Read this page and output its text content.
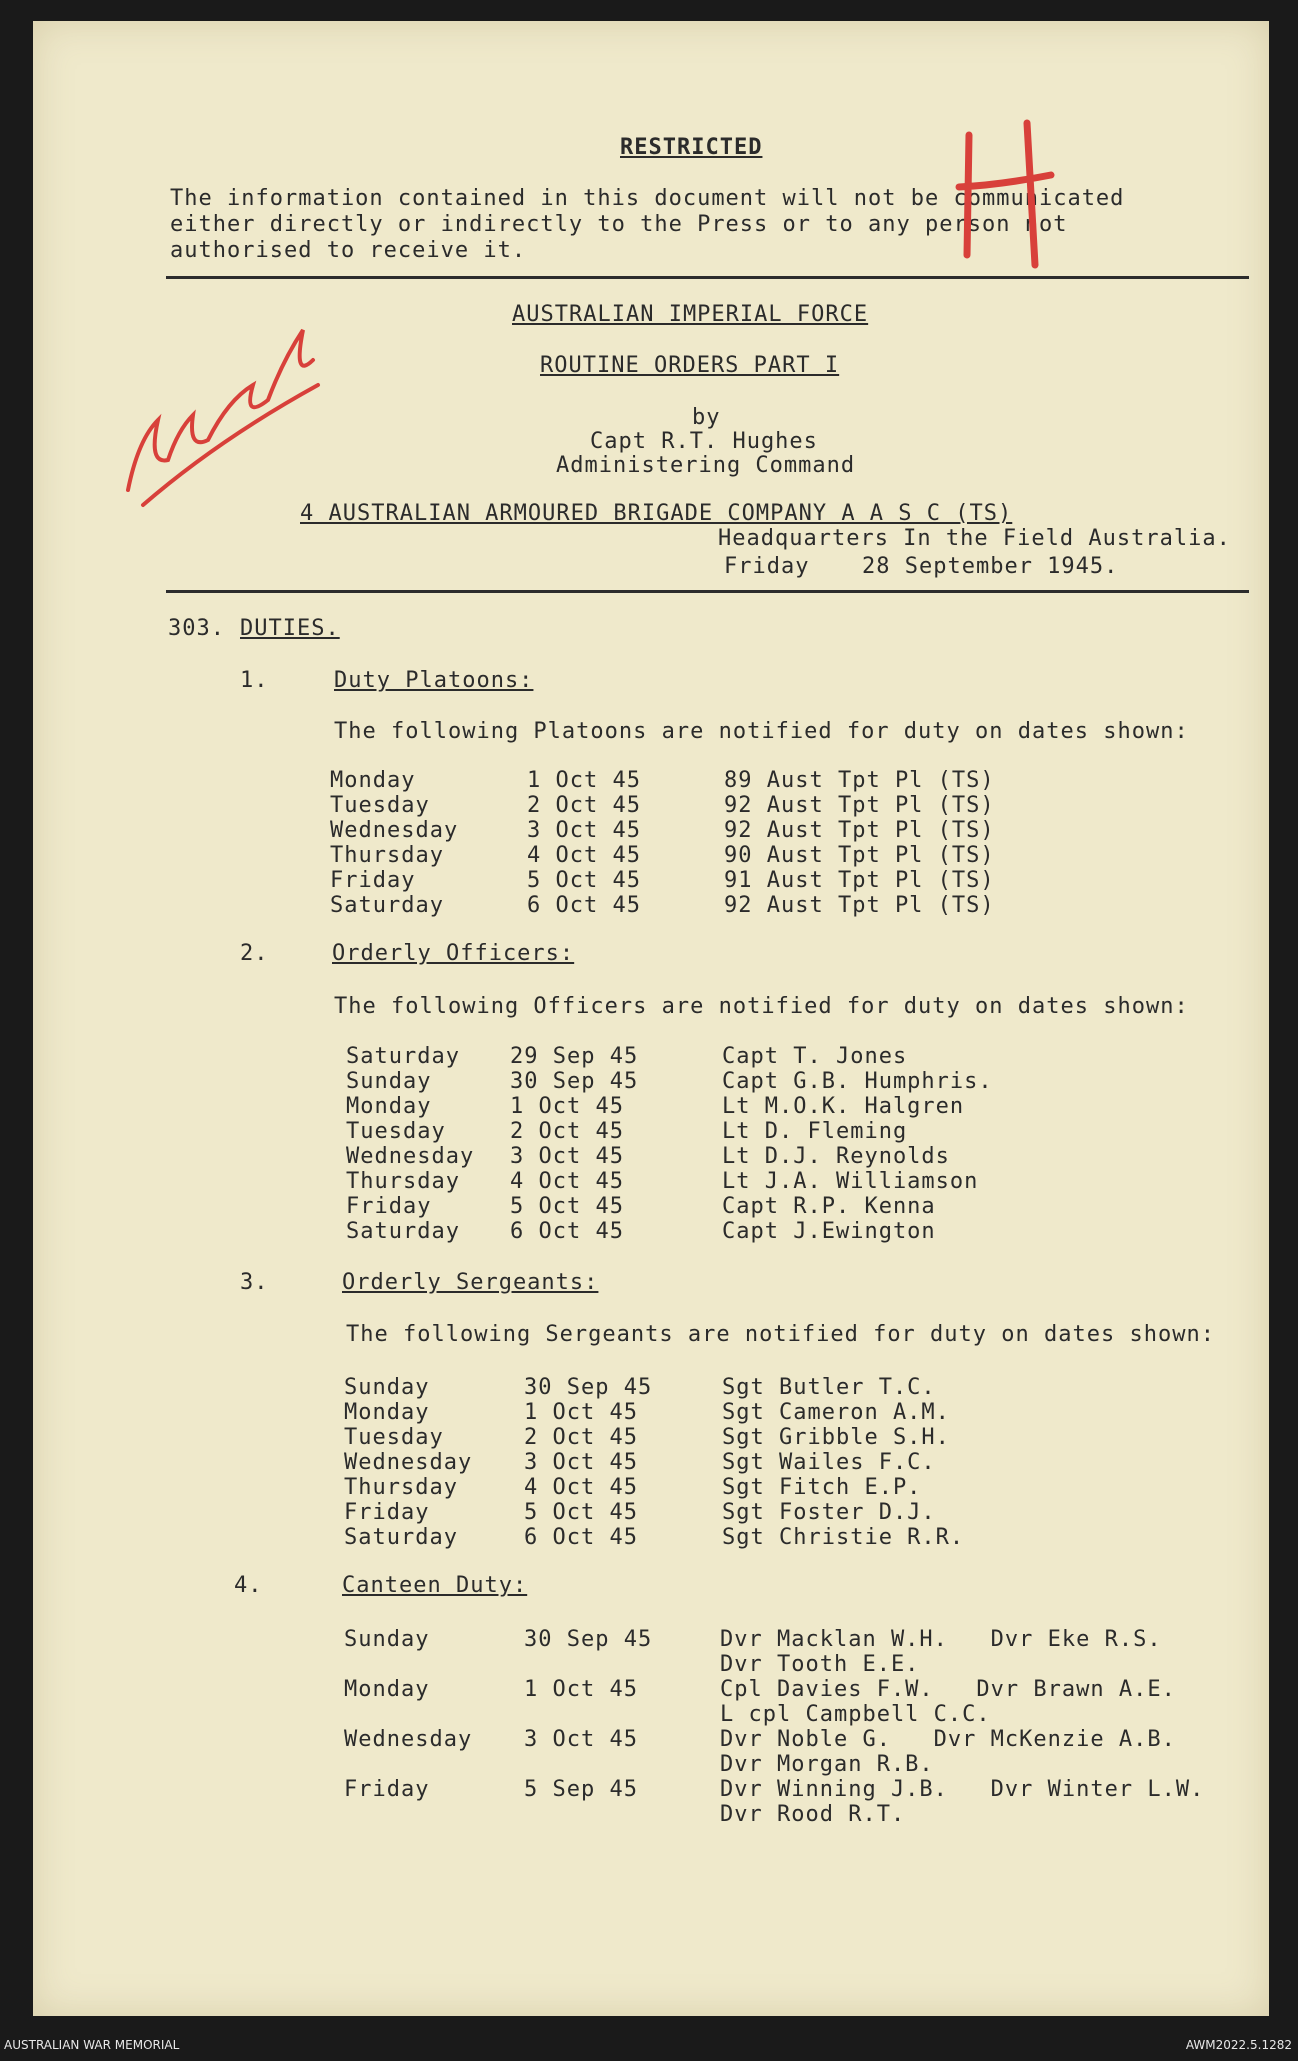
RESTRICTED
The information contained in this document will not be communicated
either directly or indirectly to the Press or to any person not
authorised to receive it.
AUSTRALIAN IMPERIAL FORCE
ROUTINE ORDERS PART I
by
Capt R.T. Hughes
Administering Command
4 AUSTRALIAN ARMOURED BRIGADE COMPANY A A S C (TS)
Headquarters In the Field Australia.
Friday 28 September 1945.
303. DUTIES.
1.	Duty Platoons:
The following Platoons are notified for duty on dates shown:
Monday	1 Oct 45	89 Aust Tpt Pl (TS)
Tuesday	2 Oct 45	92 Aust Tpt Pl (TS)
Wednesday	3 Oct 45	92 Aust Tpt Pl (TS)
Thursday	4 Oct 45	90 Aust Tpt Pl (TS)
Friday	5 Oct 45	91 Aust Tpt Pl (TS)
Saturday	6 Oct 45	92 Aust Tpt Pl (TS)
2.	Orderly Officers:
The following Officers are notified for duty on dates shown:
Saturday 29 Sep 45	Capt T. Jones
Sunday	30 Sep 45	Capt G.B. Humphris.
Monday	1 Oct 45	Lt M.O.K. Halgren
Tuesday	2 Oct 45	Lt D. Fleming
Wednesday 3 Oct 45	Lt D.J. Reynolds
Thursday 4 Oct 45	Lt J.A. Williamson
Friday	5 Oct 45	Capt R.P. Kenna
Saturday 6 Oct 45	Capt J.Ewington
3.	Orderly Sergeants:
The following Sergeants are notified for duty on dates shown:
Sunday	30 Sep 45	Sgt Butler T.C.
Monday	1 Oct 45	Sgt Cameron A.M.
Tuesday	2 Oct 45	Sgt Gribble S.H.
Wednesday 3 Oct 45	Sgt Wailes F.C.
Thursday	4 Oct 45	Sgt Fitch E.P.
Friday	5 Oct 45	Sgt Foster D.J.
Saturday	6 Oct 45	Sgt Christie R.R.
4.	Canteen Duty:
Sunday	30 Sep 45	Dvr Macklan W.H.   Dvr Eke R.S.
Dvr Tooth E.E.
Monday	1 Oct 45	Cpl Davies F.W.   Dvr Brawn A.E.
L cpl Campbell C.C.
Wednesday 3 Oct 45	Dvr Noble G.   Dvr McKenzie A.B.
Dvr Morgan R.B.
Friday	5 Sep 45	Dvr Winning J.B.   Dvr Winter L.W.
Dvr Rood R.T.
AUSTRALIAN WAR MEMORIAL	AWM2022.5.1282
